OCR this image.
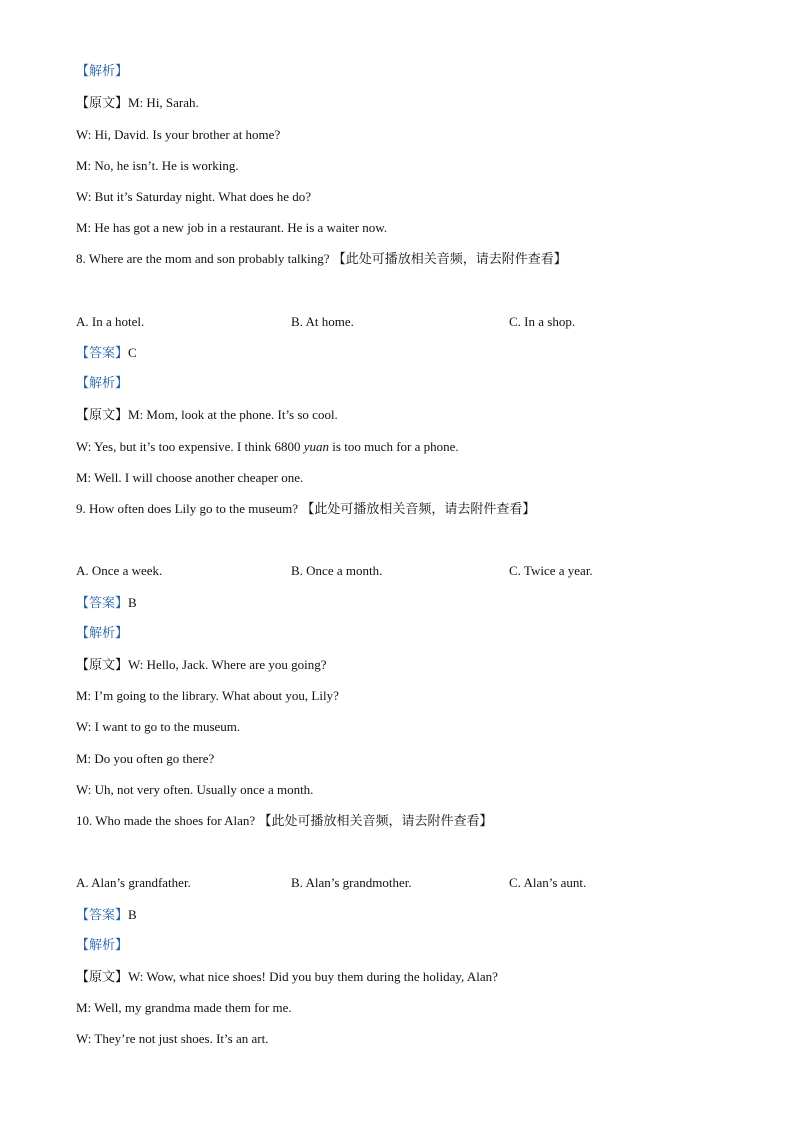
【解析】
【原文】M: Hi, Sarah.
W: Hi, David. Is your brother at home?
M: No, he isn’t. He is working.
W: But it’s Saturday night. What does he do?
M: He has got a new job in a restaurant. He is a waiter now.
8. Where are the mom and son probably talking? 【此处可播放相关音频，请去附件查看】
A. In a hotel.	B. At home.	C. In a shop.
【答案】C
【解析】
【原文】M: Mom, look at the phone. It’s so cool.
W: Yes, but it’s too expensive. I think 6800 yuan is too much for a phone.
M: Well. I will choose another cheaper one.
9. How often does Lily go to the museum? 【此处可播放相关音频，请去附件查看】
A. Once a week.	B. Once a month.	C. Twice a year.
【答案】B
【解析】
【原文】W: Hello, Jack. Where are you going?
M: I’m going to the library. What about you, Lily?
W: I want to go to the museum.
M: Do you often go there?
W: Uh, not very often. Usually once a month.
10. Who made the shoes for Alan? 【此处可播放相关音频，请去附件查看】
A. Alan’s grandfather.	B. Alan’s grandmother.	C. Alan’s aunt.
【答案】B
【解析】
【原文】W: Wow, what nice shoes! Did you buy them during the holiday, Alan?
M: Well, my grandma made them for me.
W: They’re not just shoes. It’s an art.
